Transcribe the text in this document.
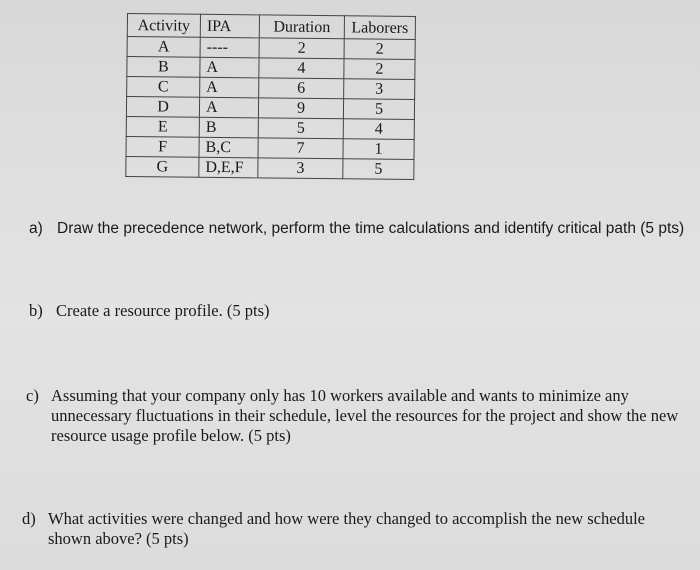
Activity	IPA	Duration	Laborers
A	----	2	2
B	A	4	2
C	A	6	3
D	A	9	5
E	B	5	4
F	B,C	7	1
G	D,E,F	3	5
a) Draw the precedence network, perform the time calculations and identify critical path (5 pts)
b) Create a resource profile. (5 pts)
c) Assuming that your company only has 10 workers available and wants to minimize any unnecessary fluctuations in their schedule, level the resources for the project and show the new resource usage profile below. (5 pts)
d) What activities were changed and how were they changed to accomplish the new schedule shown above? (5 pts)
